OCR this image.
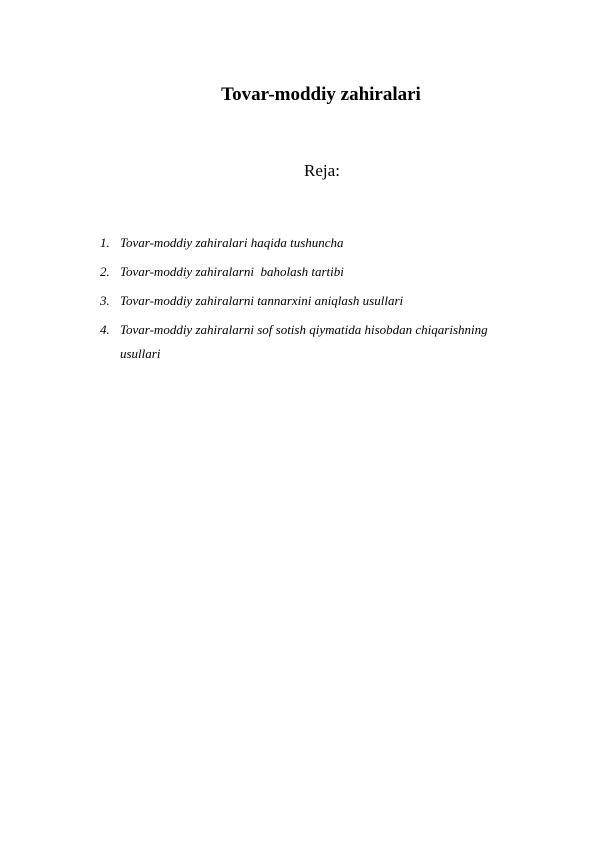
Tovar-moddiy zahiralari
Reja:
1. Tovar-moddiy zahiralari haqida tushuncha
2. Tovar-moddiy zahiralarni  baholash tartibi
3. Tovar-moddiy zahiralarni tannarxini aniqlash usullari
4. Tovar-moddiy zahiralarni sof sotish qiymatida hisobdan chiqarishning usullari
